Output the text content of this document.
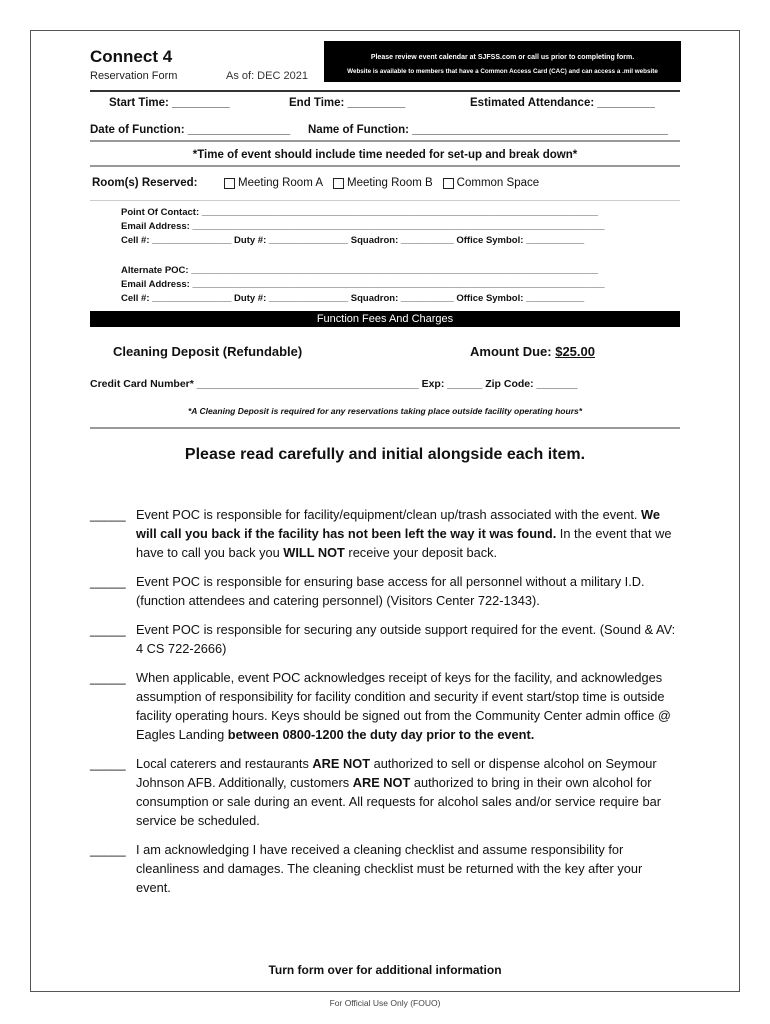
Connect 4
Reservation Form	As of: DEC 2021
Please review event calendar at SJFSS.com or call us prior to completing form.
Website is available to members that have a Common Access Card (CAC) and can access a .mil website
Start Time: _________	End Time: _________	Estimated Attendance: _________
Date of Function: ________________ Name of Function: ________________________________________
*Time of event should include time needed for set-up and break down*
Room(s) Reserved:	Meeting Room A Meeting Room B Common Space
Point Of Contact: ___________________________________________________________________________
Email Address: ______________________________________________________________________________
Cell #: _______________ Duty #: _______________ Squadron: __________ Office Symbol: ___________
Alternate POC: _____________________________________________________________________________
Email Address: ______________________________________________________________________________
Cell #: _______________ Duty #: _______________ Squadron: __________ Office Symbol: ___________
Function Fees And Charges
Cleaning Deposit (Refundable)	Amount Due: $25.00
Credit Card Number* ______________________________________ Exp: ______ Zip Code: _______
*A Cleaning Deposit is required for any reservations taking place outside facility operating hours*
Please read carefully and initial alongside each item.
_____ Event POC is responsible for facility/equipment/clean up/trash associated with the event. We will call you back if the facility has not been left the way it was found. In the event that we have to call you back you WILL NOT receive your deposit back.
_____ Event POC is responsible for ensuring base access for all personnel without a military I.D. (function attendees and catering personnel) (Visitors Center 722-1343).
_____ Event POC is responsible for securing any outside support required for the event. (Sound & AV: 4 CS 722-2666)
_____ When applicable, event POC acknowledges receipt of keys for the facility, and acknowledges assumption of responsibility for facility condition and security if event start/stop time is outside facility operating hours. Keys should be signed out from the Community Center admin office @ Eagles Landing between 0800-1200 the duty day prior to the event.
_____ Local caterers and restaurants ARE NOT authorized to sell or dispense alcohol on Seymour Johnson AFB. Additionally, customers ARE NOT authorized to bring in their own alcohol for consumption or sale during an event. All requests for alcohol sales and/or service require bar service be scheduled.
_____ I am acknowledging I have received a cleaning checklist and assume responsibility for cleanliness and damages. The cleaning checklist must be returned with the key after your event.
Turn form over for additional information
For Official Use Only (FOUO)
